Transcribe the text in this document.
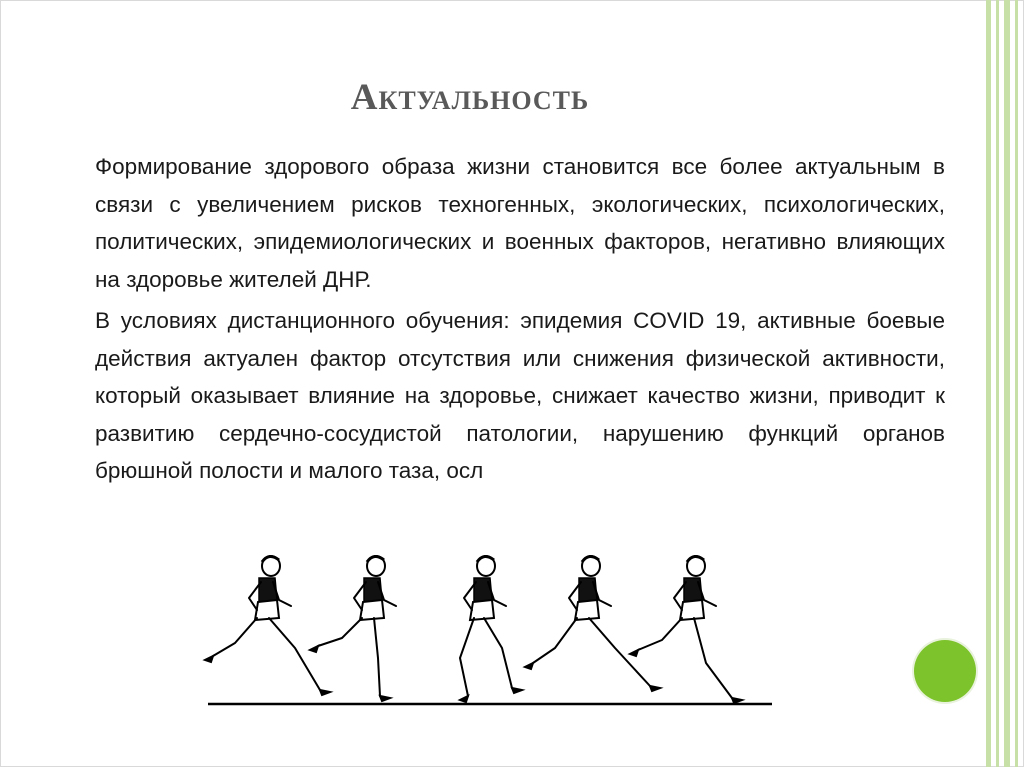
Актуальность

Формирование здорового образа жизни становится все более актуальным в связи с увеличением рисков техногенных, экологических, психологических, политических, эпидемиологических и военных факторов, негативно влияющих на здоровье жителей ДНР.

В условиях дистанционного обучения: эпидемия COVID 19, активные боевые действия актуален фактор отсутствия или снижения физической активности, который оказывает влияние на здоровье, снижает качество жизни, приводит к развитию сердечно-сосудистой патологии, нарушению функций органов брюшной полости и малого таза, осл
